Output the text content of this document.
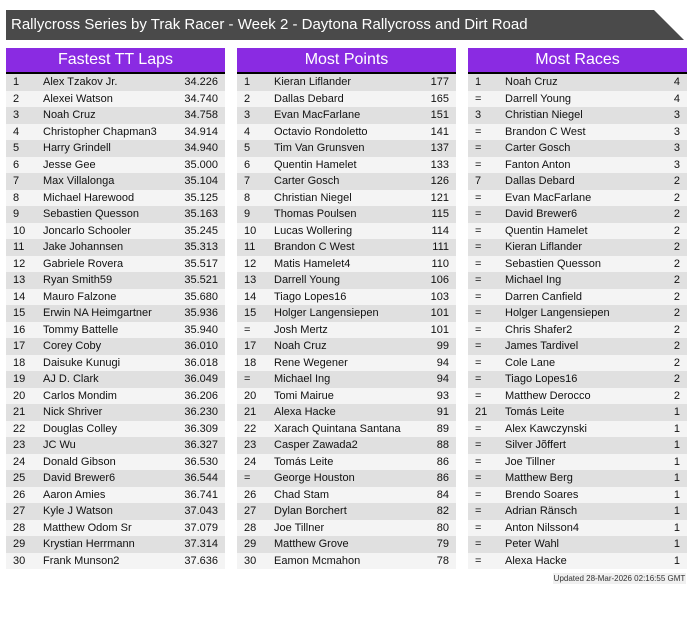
Rallycross Series by Trak Racer - Week 2 - Daytona Rallycross and Dirt Road
Fastest TT Laps
1	Alex Tzakov Jr.	34.226
2	Alexei Watson	34.740
3	Noah Cruz	34.758
4	Christopher Chapman3	34.914
5	Harry Grindell	34.940
6	Jesse Gee	35.000
7	Max Villalonga	35.104
8	Michael Harewood	35.125
9	Sebastien Quesson	35.163
10	Joncarlo Schooler	35.245
11	Jake Johannsen	35.313
12	Gabriele Rovera	35.517
13	Ryan Smith59	35.521
14	Mauro Falzone	35.680
15	Erwin NA Heimgartner	35.936
16	Tommy Battelle	35.940
17	Corey Coby	36.010
18	Daisuke Kunugi	36.018
19	AJ D. Clark	36.049
20	Carlos Mondim	36.206
21	Nick Shriver	36.230
22	Douglas Colley	36.309
23	JC Wu	36.327
24	Donald Gibson	36.530
25	David Brewer6	36.544
26	Aaron Amies	36.741
27	Kyle J Watson	37.043
28	Matthew Odom Sr	37.079
29	Krystian Herrmann	37.314
30	Frank Munson2	37.636
Most Points
1	Kieran Liflander	177
2	Dallas Debard	165
3	Evan MacFarlane	151
4	Octavio Rondoletto	141
5	Tim Van Grunsven	137
6	Quentin Hamelet	133
7	Carter Gosch	126
8	Christian Niegel	121
9	Thomas Poulsen	115
10	Lucas Wollering	114
11	Brandon C West	111
12	Matis Hamelet4	110
13	Darrell Young	106
14	Tiago Lopes16	103
15	Holger Langensiepen	101
=	Josh Mertz	101
17	Noah Cruz	99
18	Rene Wegener	94
=	Michael Ing	94
20	Tomi Mairue	93
21	Alexa Hacke	91
22	Xarach Quintana Santana	89
23	Casper Zawada2	88
24	Tomás Leite	86
=	George Houston	86
26	Chad Stam	84
27	Dylan Borchert	82
28	Joe Tillner	80
29	Matthew Grove	79
30	Eamon Mcmahon	78
Most Races
1	Noah Cruz	4
=	Darrell Young	4
3	Christian Niegel	3
=	Brandon C West	3
=	Carter Gosch	3
=	Fanton Anton	3
7	Dallas Debard	2
=	Evan MacFarlane	2
=	David Brewer6	2
=	Quentin Hamelet	2
=	Kieran Liflander	2
=	Sebastien Quesson	2
=	Michael Ing	2
=	Darren Canfield	2
=	Holger Langensiepen	2
=	Chris Shafer2	2
=	James Tardivel	2
=	Cole Lane	2
=	Tiago Lopes16	2
=	Matthew Derocco	2
21	Tomás Leite	1
=	Alex Kawczynski	1
=	Silver Jõffert	1
=	Joe Tillner	1
=	Matthew Berg	1
=	Brendo Soares	1
=	Adrian Ränsch	1
=	Anton Nilsson4	1
=	Peter Wahl	1
=	Alexa Hacke	1
Updated 28-Mar-2026 02:16:55 GMT
